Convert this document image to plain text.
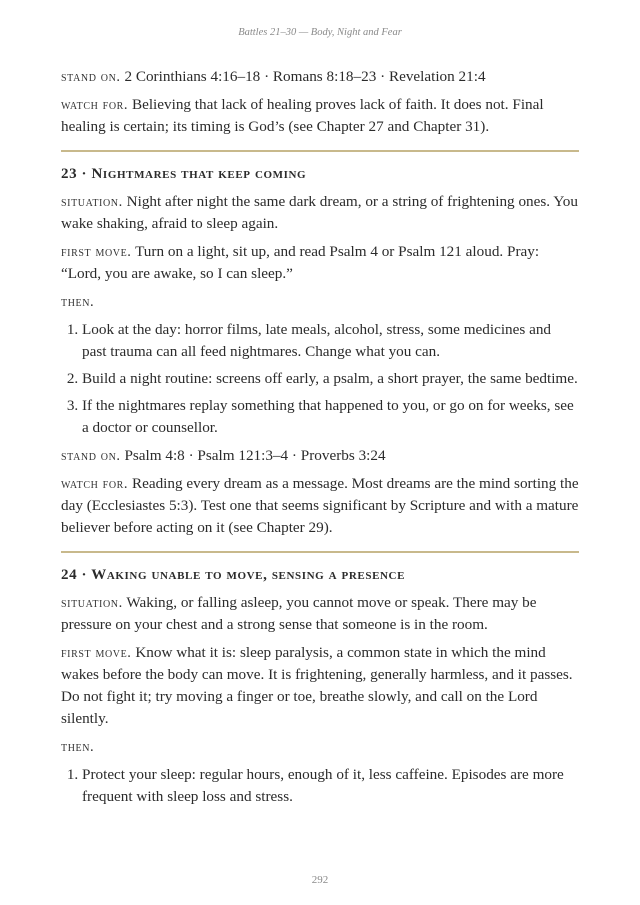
Battles 21–30 — Body, Night and Fear

stand on. 2 Corinthians 4:16–18 · Romans 8:18–23 · Revelation 21:4

watch for. Believing that lack of healing proves lack of faith. It does not. Final healing is certain; its timing is God’s (see Chapter 27 and Chapter 31).

23 · Nightmares that keep coming

situation. Night after night the same dark dream, or a string of frightening ones. You wake shaking, afraid to sleep again.

first move. Turn on a light, sit up, and read Psalm 4 or Psalm 121 aloud. Pray: “Lord, you are awake, so I can sleep.”

then.

1. Look at the day: horror films, late meals, alcohol, stress, some medicines and past trauma can all feed nightmares. Change what you can.
2. Build a night routine: screens off early, a psalm, a short prayer, the same bedtime.
3. If the nightmares replay something that happened to you, or go on for weeks, see a doctor or counsellor.

stand on. Psalm 4:8 · Psalm 121:3–4 · Proverbs 3:24

watch for. Reading every dream as a message. Most dreams are the mind sorting the day (Ecclesiastes 5:3). Test one that seems significant by Scripture and with a mature believer before acting on it (see Chapter 29).

24 · Waking unable to move, sensing a presence

situation. Waking, or falling asleep, you cannot move or speak. There may be pressure on your chest and a strong sense that someone is in the room.

first move. Know what it is: sleep paralysis, a common state in which the mind wakes before the body can move. It is frightening, generally harmless, and it passes. Do not fight it; try moving a finger or toe, breathe slowly, and call on the Lord silently.

then.

1. Protect your sleep: regular hours, enough of it, less caffeine. Episodes are more frequent with sleep loss and stress.
292
